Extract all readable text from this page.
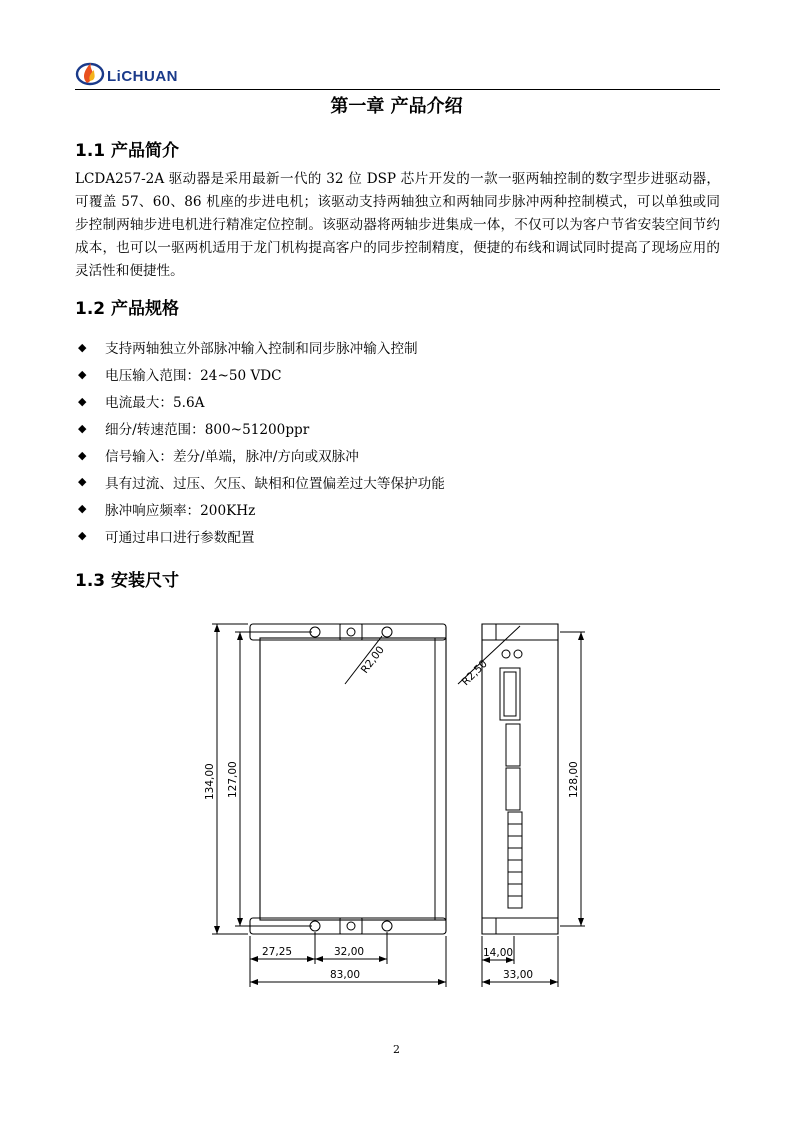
LiCHUAN
第一章 产品介绍
1.1 产品简介

LCDA257-2A 驱动器是采用最新一代的 32 位 DSP 芯片开发的一款一驱两轴控制的数字型步进驱动器，可覆盖 57、60、86 机座的步进电机；该驱动支持两轴独立和两轴同步脉冲两种控制模式，可以单独或同步控制两轴步进电机进行精准定位控制。该驱动器将两轴步进集成一体，不仅可以为客户节省安装空间节约成本，也可以一驱两机适用于龙门机构提高客户的同步控制精度，便捷的布线和调试同时提高了现场应用的灵活性和便捷性。

1.2 产品规格
◆	支持两轴独立外部脉冲输入控制和同步脉冲输入控制
◆	电压输入范围：24~50 VDC
◆	电流最大：5.6A
◆	细分/转速范围：800~51200ppr
◆	信号输入：差分/单端，脉冲/方向或双脉冲
◆	具有过流、过压、欠压、缺相和位置偏差过大等保护功能
◆	脉冲响应频率：200KHz
◆	可通过串口进行参数配置
1.3 安装尺寸
R2,00
134,00 127,00
27,25	32,00
83,00
R2,50
128,00
14,00
33,00
2
